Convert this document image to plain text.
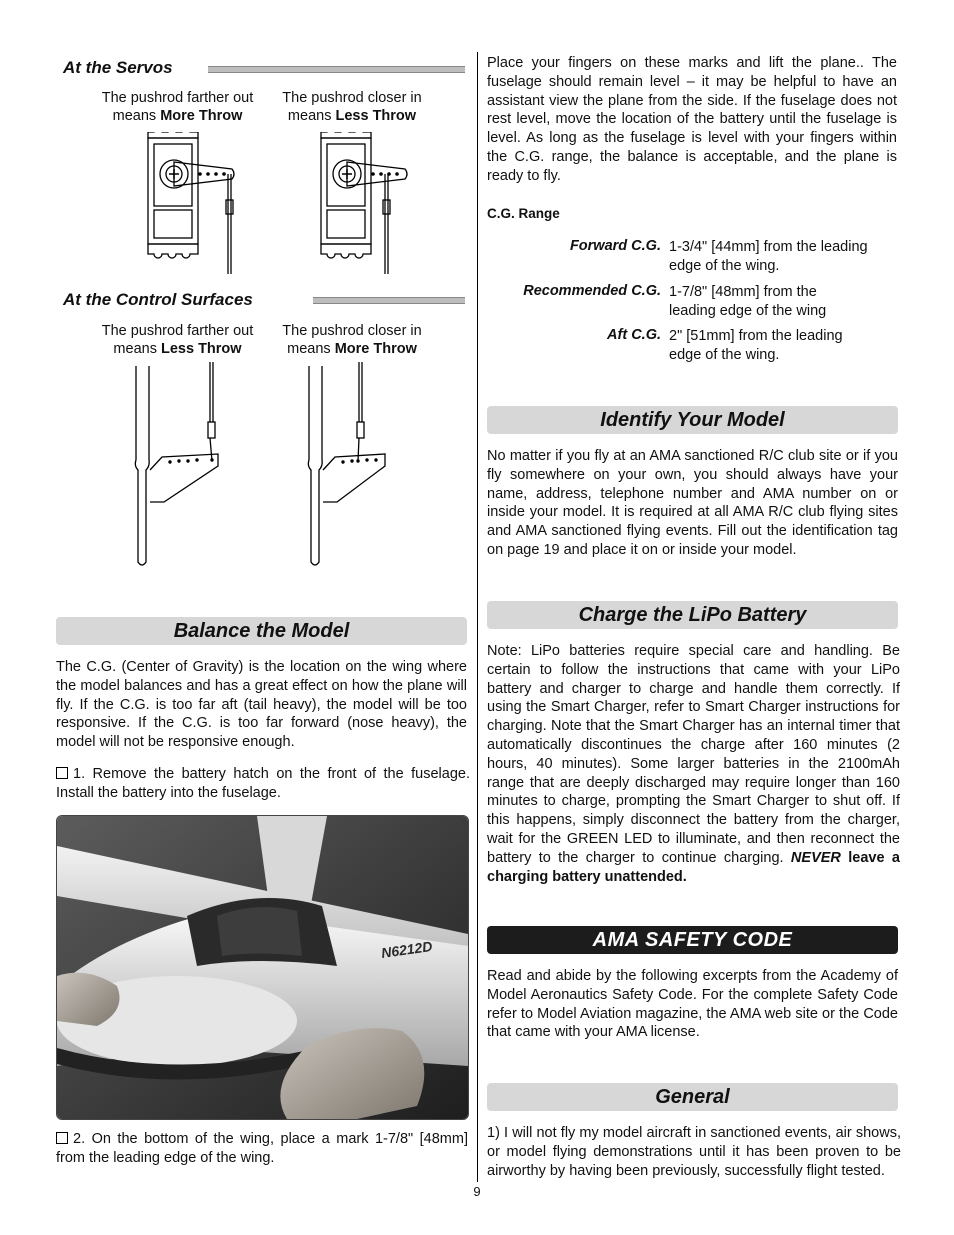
At the Servos
The pushrod farther out
means More Throw
The pushrod closer in
means Less Throw
At the Control Surfaces
The pushrod farther out
means Less Throw
The pushrod closer in
means More Throw
Balance the Model
The C.G. (Center of Gravity) is the location on the wing where the model balances and has a great effect on how the plane will fly. If the C.G. is too far aft (tail heavy), the model will be too responsive. If the C.G. is too far forward (nose heavy), the model will not be responsive enough.
1. Remove the battery hatch on the front of the fuselage. Install the battery into the fuselage.
N6212D
2. On the bottom of the wing, place a mark 1-7/8" [48mm] from the leading edge of the wing.
Place your fingers on these marks and lift the plane.. The fuselage should remain level – it may be helpful to have an assistant view the plane from the side. If the fuselage does not rest level, move the location of the battery until the fuselage is level. As long as the fuselage is level with your fingers within the C.G. range, the balance is acceptable, and the plane is ready to fly.
C.G. Range
Forward C.G. 1-3/4" [44mm] from the leading edge of the wing.
Recommended C.G. 1-7/8" [48mm] from the leading edge of the wing
Aft C.G. 2" [51mm] from the leading edge of the wing.
Identify Your Model
No matter if you fly at an AMA sanctioned R/C club site or if you fly somewhere on your own, you should always have your name, address, telephone number and AMA number on or inside your model. It is required at all AMA R/C club flying sites and AMA sanctioned flying events. Fill out the identification tag on page 19 and place it on or inside your model.
Charge the LiPo Battery
Note: LiPo batteries require special care and handling. Be certain to follow the instructions that came with your LiPo battery and charger to charge and handle them correctly. If using the Smart Charger, refer to Smart Charger instructions for charging. Note that the Smart Charger has an internal timer that automatically discontinues the charge after 160 minutes (2 hours, 40 minutes). Some larger batteries in the 2100mAh range that are deeply discharged may require longer than 160 minutes to charge, prompting the Smart Charger to shut off. If this happens, simply disconnect the battery from the charger, wait for the GREEN LED to illuminate, and then reconnect the battery to the charger to continue charging. NEVER leave a charging battery unattended.
AMA SAFETY CODE
Read and abide by the following excerpts from the Academy of Model Aeronautics Safety Code. For the complete Safety Code refer to Model Aviation magazine, the AMA web site or the Code that came with your AMA license.
General
1) I will not fly my model aircraft in sanctioned events, air shows, or model flying demonstrations until it has been proven to be airworthy by having been previously, successfully flight tested.
9
